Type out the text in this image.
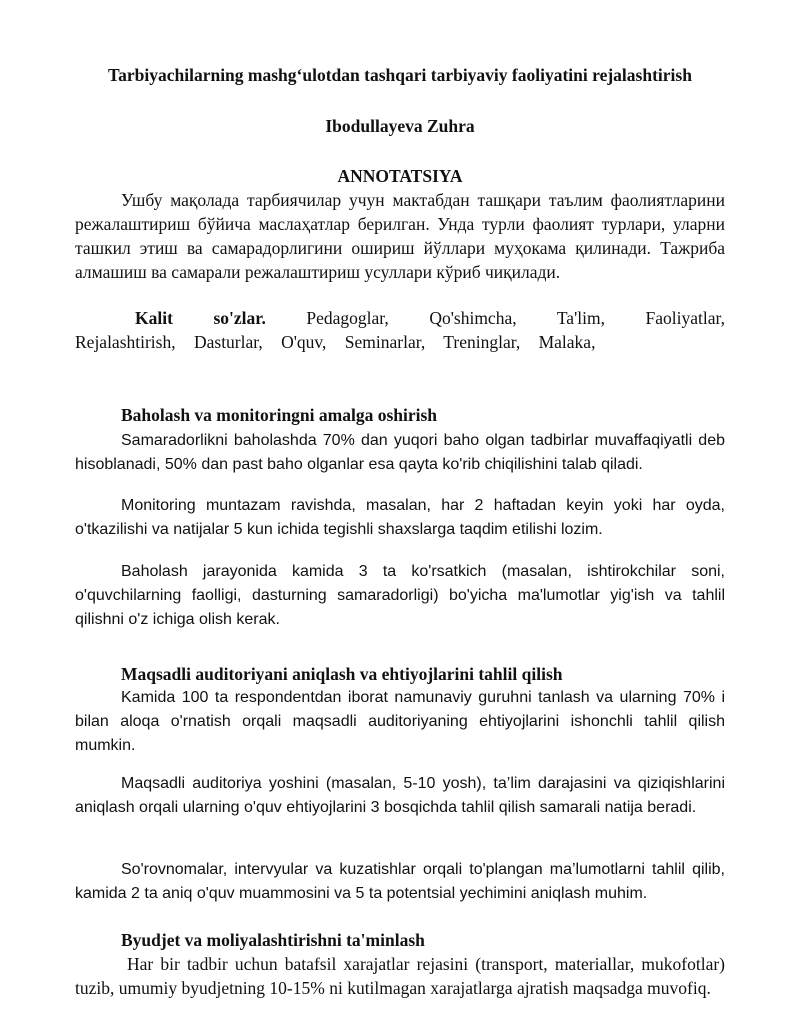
Tarbiyachilarning mashgʻulotdan tashqari tarbiyaviy faoliyatini rejalashtirish
Ibodullayeva Zuhra
ANNOTATSIYA
Ушбу мақолада тарбиячилар учун мактабдан ташқари таълим фаолиятларини режалаштириш бўйича маслаҳатлар берилган. Унда турли фаолият турлари, уларни ташкил этиш ва самарадорлигини ошириш йўллари муҳокама қилинади. Тажриба алмашиш ва самарали режалаштириш усуллари кўриб чиқилади.
Kalit so'zlar. Pedagoglar, Qo'shimcha, Ta'lim, Faoliyatlar, Rejalashtirish, Dasturlar, O'quv, Seminarlar, Treninglar, Malaka,
Baholash va monitoringni amalga oshirish
Samaradorlikni baholashda 70% dan yuqori baho olgan tadbirlar muvaffaqiyatli deb hisoblanadi, 50% dan past baho olganlar esa qayta ko'rib chiqilishini talab qiladi.
Monitoring muntazam ravishda, masalan, har 2 haftadan keyin yoki har oyda, o'tkazilishi va natijalar 5 kun ichida tegishli shaxslarga taqdim etilishi lozim.
Baholash jarayonida kamida 3 ta ko'rsatkich (masalan, ishtirokchilar soni, o'quvchilarning faolligi, dasturning samaradorligi) bo'yicha ma'lumotlar yig'ish va tahlil qilishni o'z ichiga olish kerak.
Maqsadli auditoriyani aniqlash va ehtiyojlarini tahlil qilish
Kamida 100 ta respondentdan iborat namunaviy guruhni tanlash va ularning 70% i bilan aloqa o'rnatish orqali maqsadli auditoriyaning ehtiyojlarini ishonchli tahlil qilish mumkin.
Maqsadli auditoriya yoshini (masalan, 5-10 yosh), ta’lim darajasini va qiziqishlarini aniqlash orqali ularning o'quv ehtiyojlarini 3 bosqichda tahlil qilish samarali natija beradi.
So'rovnomalar, intervyular va kuzatishlar orqali to'plangan ma’lumotlarni tahlil qilib, kamida 2 ta aniq o'quv muammosini va 5 ta potentsial yechimini aniqlash muhim.
Byudjet va moliyalashtirishni ta'minlash
Har bir tadbir uchun batafsil xarajatlar rejasini (transport, materiallar, mukofotlar) tuzib, umumiy byudjetning 10-15% ni kutilmagan xarajatlarga ajratish maqsadga muvofiq.
